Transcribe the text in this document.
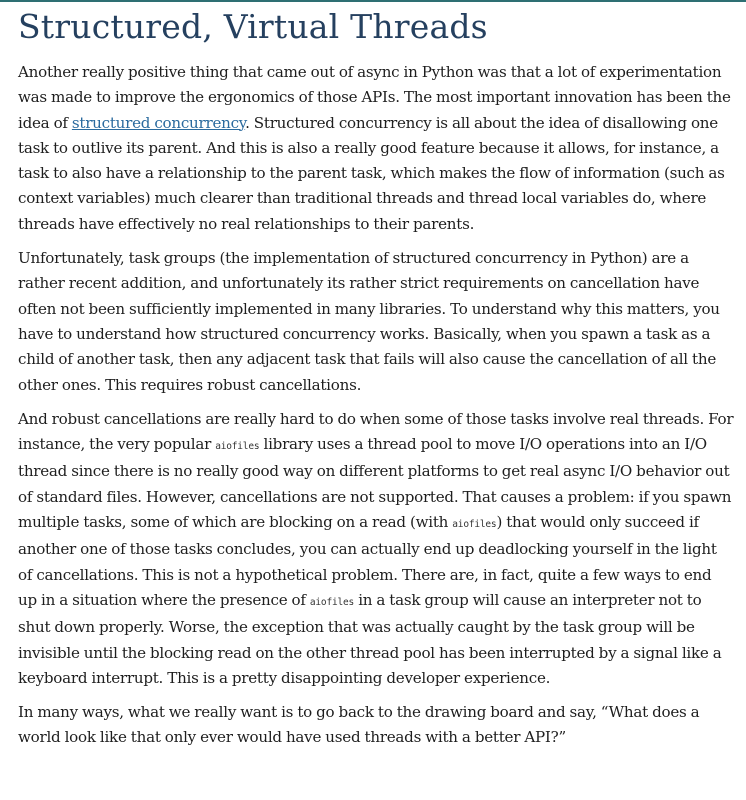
Structured, Virtual Threads

Another really positive thing that came out of async in Python was that a lot of experimentation was made to improve the ergonomics of those APIs. The most important innovation has been the idea of structured concurrency. Structured concurrency is all about the idea of disallowing one task to outlive its parent. And this is also a really good feature because it allows, for instance, a task to also have a relationship to the parent task, which makes the flow of information (such as context variables) much clearer than traditional threads and thread local variables do, where threads have effectively no real relationships to their parents.

Unfortunately, task groups (the implementation of structured concurrency in Python) are a rather recent addition, and unfortunately its rather strict requirements on cancellation have often not been sufficiently implemented in many libraries. To understand why this matters, you have to understand how structured concurrency works. Basically, when you spawn a task as a child of another task, then any adjacent task that fails will also cause the cancellation of all the other ones. This requires robust cancellations.

And robust cancellations are really hard to do when some of those tasks involve real threads. For instance, the very popular aiofiles library uses a thread pool to move I/O operations into an I/O thread since there is no really good way on different platforms to get real async I/O behavior out of standard files. However, cancellations are not supported. That causes a problem: if you spawn multiple tasks, some of which are blocking on a read (with aiofiles) that would only succeed if another one of those tasks concludes, you can actually end up deadlocking yourself in the light of cancellations. This is not a hypothetical problem. There are, in fact, quite a few ways to end up in a situation where the presence of aiofiles in a task group will cause an interpreter not to shut down properly. Worse, the exception that was actually caught by the task group will be invisible until the blocking read on the other thread pool has been interrupted by a signal like a keyboard interrupt. This is a pretty disappointing developer experience.

In many ways, what we really want is to go back to the drawing board and say, “What does a world look like that only ever would have used threads with a better API?”
